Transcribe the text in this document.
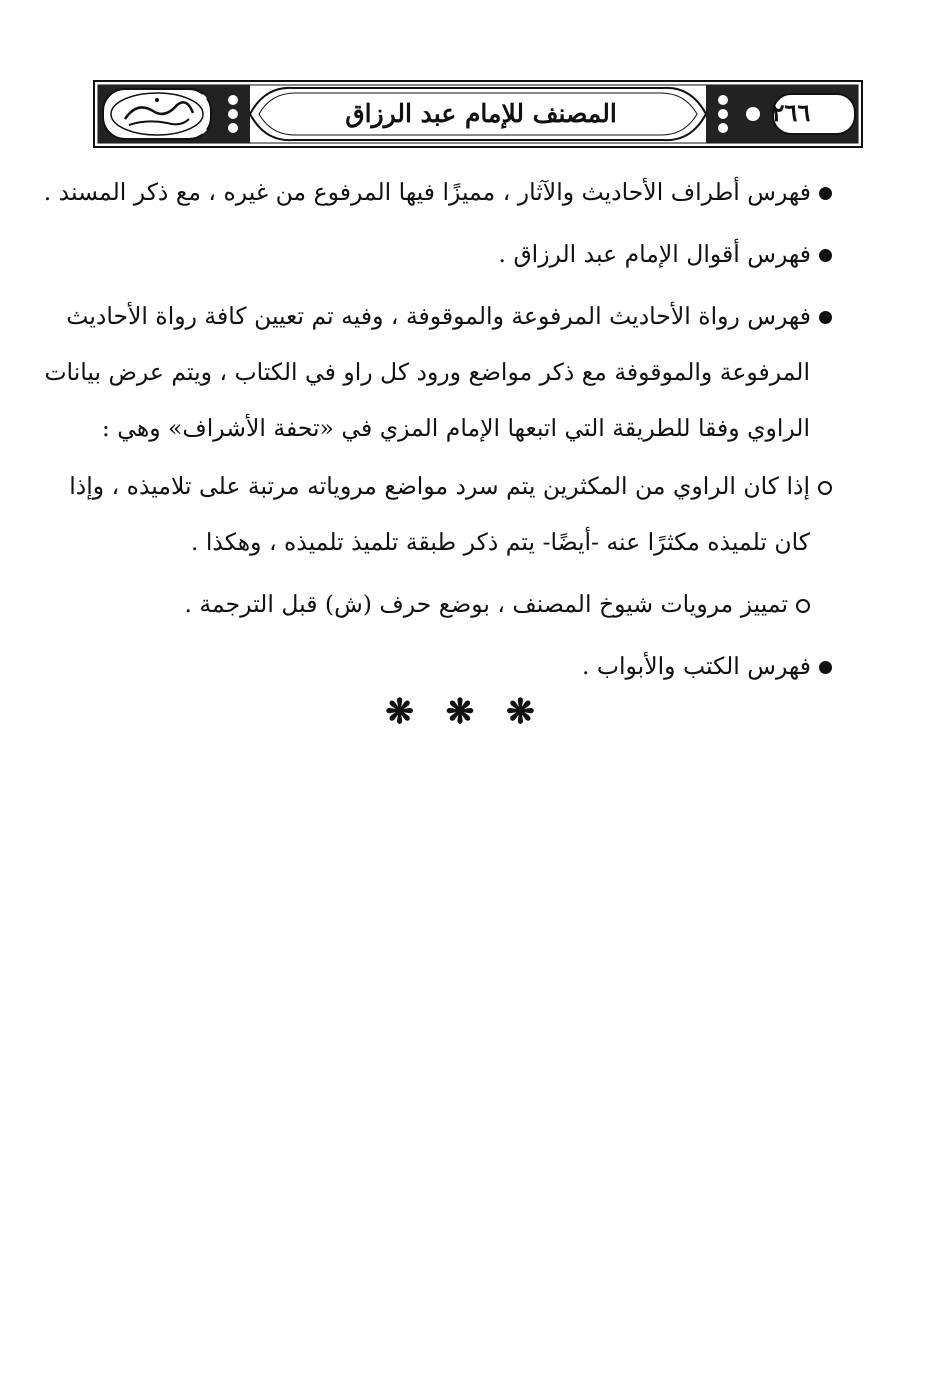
٢٦٦
المصنف للإمام عبد الرزاق
فهرس أطراف الأحاديث والآثار ، مميزًا فيها المرفوع من غيره ، مع ذكر المسند .
فهرس أقوال الإمام عبد الرزاق .
فهرس رواة الأحاديث المرفوعة والموقوفة ، وفيه تم تعيين كافة رواة الأحاديث
المرفوعة والموقوفة مع ذكر مواضع ورود كل راو في الكتاب ، ويتم عرض بيانات
الراوي وفقا للطريقة التي اتبعها الإمام المزي في «تحفة الأشراف» وهي :
إذا كان الراوي من المكثرين يتم سرد مواضع مروياته مرتبة على تلاميذه ، وإذا
كان تلميذه مكثرًا عنه -أيضًا- يتم ذكر طبقة تلميذ تلميذه ، وهكذا .
تمييز مرويات شيوخ المصنف ، بوضع حرف (ش) قبل الترجمة .
فهرس الكتب والأبواب .
❋ ❋ ❋
